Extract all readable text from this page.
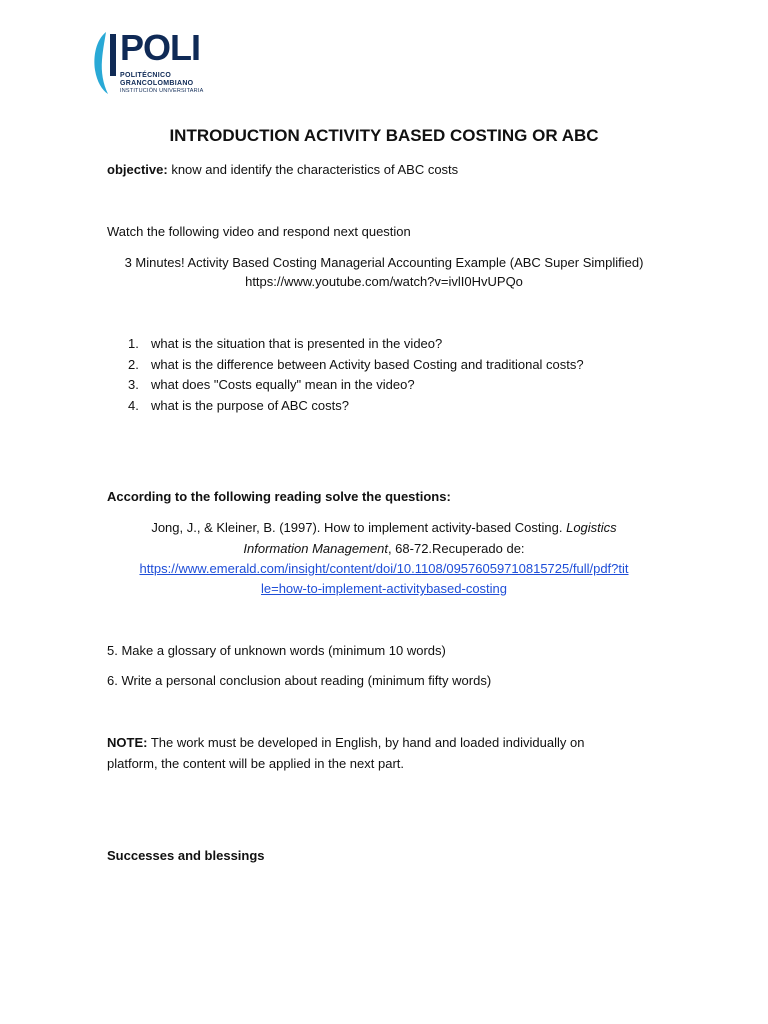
POLI
POLITÉCNICO
GRANCOLOMBIANO
INSTITUCIÓN UNIVERSITARIA
INTRODUCTION ACTIVITY BASED COSTING OR ABC
objective: know and identify the characteristics of ABC costs
Watch the following video and respond next question
3 Minutes! Activity Based Costing Managerial Accounting Example (ABC Super Simplified)
https://www.youtube.com/watch?v=ivlI0HvUPQo
1. what is the situation that is presented in the video?
2. what is the difference between Activity based Costing and traditional costs?
3. what does "Costs equally" mean in the video?
4. what is the purpose of ABC costs?
According to the following reading solve the questions:
Jong, J., & Kleiner, B. (1997). How to implement activity-based Costing. Logistics
Information Management, 68-72.Recuperado de:
https://www.emerald.com/insight/content/doi/10.1108/09576059710815725/full/pdf?tit
le=how-to-implement-activitybased-costing
5. Make a glossary of unknown words (minimum 10 words)
6. Write a personal conclusion about reading (minimum fifty words)
NOTE: The work must be developed in English, by hand and loaded individually on
platform, the content will be applied in the next part.
Successes and blessings
